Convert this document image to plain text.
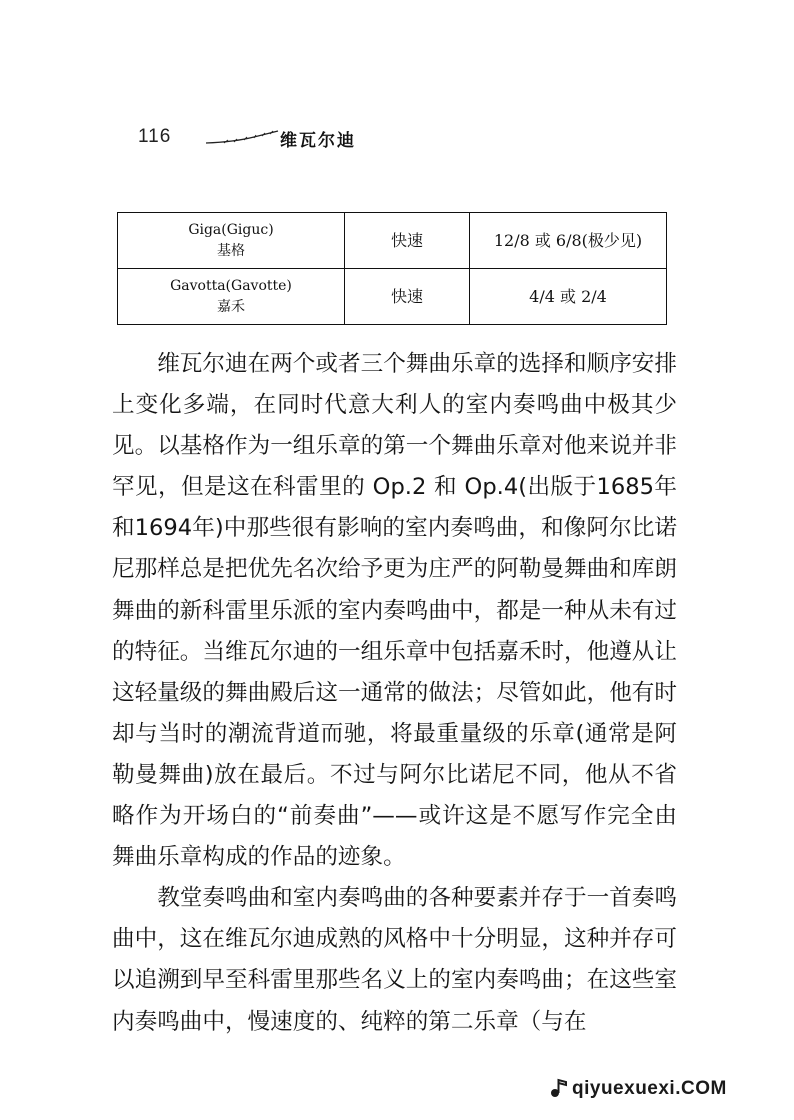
116	维瓦尔迪
Giga(Giguc)
基格	快速	12/8 或 6/8(极少见)

Gavotta(Gavotte)
嘉禾	快速	4/4 或 2/4

维瓦尔迪在两个或者三个舞曲乐章的选择和顺序安排上变化多端，在同时代意大利人的室内奏鸣曲中极其少见。以基格作为一组乐章的第一个舞曲乐章对他来说并非罕见，但是这在科雷里的 Op.2 和 Op.4(出版于1685年和1694年)中那些很有影响的室内奏鸣曲，和像阿尔比诺尼那样总是把优先名次给予更为庄严的阿勒曼舞曲和库朗舞曲的新科雷里乐派的室内奏鸣曲中，都是一种从未有过的特征。当维瓦尔迪的一组乐章中包括嘉禾时，他遵从让这轻量级的舞曲殿后这一通常的做法；尽管如此，他有时却与当时的潮流背道而驰，将最重量级的乐章(通常是阿勒曼舞曲)放在最后。不过与阿尔比诺尼不同，他从不省略作为开场白的“前奏曲”——或许这是不愿写作完全由舞曲乐章构成的作品的迹象。

教堂奏鸣曲和室内奏鸣曲的各种要素并存于一首奏鸣曲中，这在维瓦尔迪成熟的风格中十分明显，这种并存可以追溯到早至科雷里那些名义上的室内奏鸣曲；在这些室内奏鸣曲中，慢速度的、纯粹的第二乐章（与在

qiyuexuexi.COM
